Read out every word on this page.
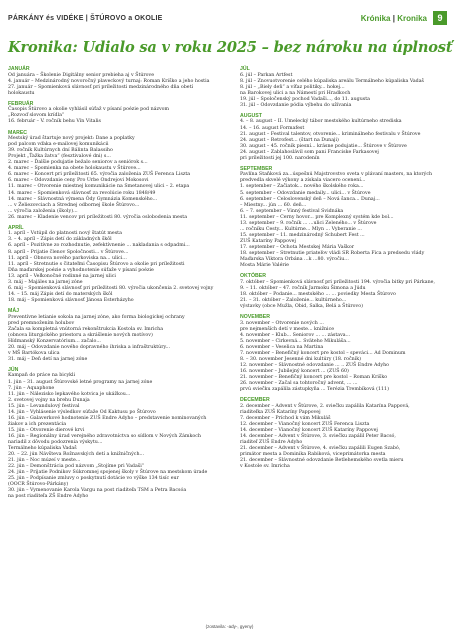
PÁRKÁNY és VIDÉKE | ŠTÚROVO a OKOLIE	Krónika | Kronika	9
Kronika: Udialo sa v roku 2025 – bez nároku na úplnosť
JANUÁR
Od januára – Školenie Digitálny senior prebieha aj v Štúrove
4. január – Medzinárodný novoročný plaveckový turnaj: Roman Kriško a jeho hostia
27. január – Spomienková slávnosť pri príležitosti medzinárodného dňa obetí holokaustu
FEBRUÁR
Časopis Štúrovo a okolie vyhlásil súťaž v písaní poézie pod názvom
„Rozvoď slovom krídla“
16. február – V. ročník behu Vín Vitalis
MAREC
Mestský úrad štartuje nový projekt: Dane a poplatky
pod palcom vďaka e-mailovej komunikácii
39. ročník Kultúrnych dní Bálinta Balassiho
Projekt „Ťažka žatva“ (fesztivalové dni) s...
2. marec – Ďalšie podujatie bežalo seniorov a seniórok s...
4. marec – Spomienka na obete holokaustu v Štúrove...
6. marec – Koncert pri príležitosti 65. výročia založenia ZUŠ Ferenca Liszta
6. marec – Odovzdanie ceny Pro Urbe Ondrejovi Mokosovi
11. marec – Otvorenie miestnej komunikácie na Smetanovej ulici – 2. etapa
14. marec – Spomienková slávnosť za revolúcie roku 1848/49
14. marec – Slávnostná výmena Ódy Gymnázia Komenského...
... v Želiezovciach a Strednej odbornej škole Štúrovo...
... výročia založenia (školy)...
26. marec – Kladenie vencov pri príležitosti 80. výročia oslobodenia mesta
APRÍL
1. apríl – Vstúpil do platnosti nový štatút mesta
3. – 4. apríl – Zápis detí do základných škôl
6. apríl – Pozitívne zo rozhodnutie, zefektívnenie ... nakladania s odpadmi...
8. apríl – Prijatie členov Spoločnosti... v Štúrove...
11. apríl – Obnova nového parkoviska na... ulici...
11. apríl – Stretnutie s čitateľmi Časopisu Štúrovo a okolie pri príležitosti
Dňa maďarskej poézie a vyhodnotenie súťaže v písaní poézie
13. apríl – Veľkonočné rodinné na jarnej ulici
3. máj – Majáles na jarnej zóne
6. máj – Spomienková slávnosť pri príležitosti 80. výročia ukončenia 2. svetovej vojny
14. – 15. máj Zápis detí do materských škôl
18. máj – Spomienková slávnosť Jánosa Esterházyho
MÁJ
Preventívne letianie sokola na jarnej zóne, ako forma biologickej ochrany
pred premnožením holubov
Začala sa kompletná vnútorná rekonštrukcia Kostola sv. Imricha
(obnova liturgického priestoru a skrášlenie nových motívov)
Hídmanský Konzervatórium... začalo...
20. máj – Odovzdanie nového dopravného ihriska a infraštruktúry...
v MŠ Bartókova ulica
31. máj – Deň detí na jarnej zóne
JÚN
Kampaň do práce na bicykli
1. jún – 31. august Štúrovské letné programy na jarnej zóne
7. jún – Aquaphone
11. jún – Nálezisko lepkavého kotvica je ukážkou...
2. svetovej vojny na brehu Dunaja
15. jún – Levandulový festival
14. jún – Vyhlásenie výsledkov súťaže Od Kaktusu po Štúrovo
16. jún – Galaverkové hodnotenie ZUŠ Endre Adyho – predstavenie nominovaných
žiakov a ich prezentácia
15. jún – Otvorenie dierové krvi
16. jún – Regionálny úrad verejného zdravotníctva so sídlom v Nových Zámkoch
nariadil z dôvodu podozrenia výskytu...
Termálneho kúpaliska Vadaš
20. – 22. jún Návšteva Rožnavských detí a knižničných...
21. jún – Noc múzeí v meste...
22. jún – Demonštrácia pod názvom „Stojíme pri Vadaši“
24. jún – Prijatie Podnikov Súkromnej spojenej školy v Štúrove na mestskom úrade
25. jún – Podpísanie zmluvy o poskytnutí dotácie vo výške 134 tisíc eur
(OOCR Štúrovo-Párkány)
30. jún – Vymenovanie Karola Vargu na post riaditeľa TSM a Petra Bacsóa
na post riaditeľa ZŠ Endre Adyho
JÚL
6. júl – Parkan Artfest
8. júl – Znovuotvorenie celého kúpaliska areálu Termálneho kúpaliska Vadaš
8. júl – „Biely deň“ a víťaz politiky... hokej...
na Barokovej ulici a na Námestí pri Hradkoch
19. júl – Spoločenský pochod Vadaši..., do 11. augusta
31. júl – Odovzdanie pódia výbehu do užívania
AUGUST
4. – 8. august – II. Umelecký tábor mestského kultúrneho strediska
14. – 16. august Formafest
21. august – Festival talentov, otvorenie... kriminálneho festivalu v Štúrove
24. august – Retrofest... (štart na Dunaji)
30. august – 45. ročník piesní... krásne podujatie... Štúrove v Štúrove
24. august – Zablahoslávil som pani Franciske Farkasovej
pri príležitosti jej 100. narodenín
SEPTEMBER
Pavlína Staňková za...úspešnú Majstrovstvo sveta v plávaní masters, na ktorých
predvedla skvelé výkony a získala viacero ocenení...
1. september – Začiatok... nového školského roka...
5. september – Odovzdanie medaily... ulici... v Štúrove
6. september – Celoslovenský deň – Nová šanca... Dunaj...
– Miestny... jún ... 60. deň...
6. – 7. september – Vinný festival Svidnáka
11. september – Cerny hovor... pre Komplexný systém kde bol...
13. september – 9. ročník ... ...ulici Zeleného... v Štúrove
... ročníku Cesty... Kultúrne... Mlyn ... Vyberanie ...
15. september – 11. medzinárodný Schubert Fest ...
ZUŠ Kataríny Pappovej
17. september – Ochota Mestskej Mária Vaškor
18. september – Stretnutie priateľov vládi SR Roberta Fica a predsedu vlády
Maďarska Viktora Orbána ...k ...80. výročiu...
Mosta Márie Valérie
OKTÓBER
7. október – Spomienková slávnosť pri príležitosti 194. výročia bitky pri Párkane,
9. – 11. október – 47. ročník Jarmoku Šimona a Júdu
18. október – Podanie... mestského ... ... poviedky Mesta Štúrovo
21. – 31. október – Založenie... kultúrneho...
výstavky (obce Mužla, Obid, Salka, Belá a Štúrovo)
NOVEMBER
3. november – Otvorenie nových ...
pre nejmenších detí v meste... knižnice
4. november – Klub... Seniorov ... ... zástava...
5. november – Cirkevná... Sväteho Mikuláša...
6. november – Veselica na Martina
7. november – Benefičný koncert pre kostol – speváci... Ad Dominum
8. – 30. november Jesenné dni kultúry (18. ročník)
12. november – Slávnostné odovzdanie ... .. ZUŠ Endre Adyho
16. november – Jubilejný koncert ... (ZUŠ 60)
21. november – Benefičný koncert pre kostol – Roman Kriško
26. november – Začal sa tohtoročný advent, ... ...
prvú sviečku zapálila zástupkyňa ... Terézia Trembíková (111)
DECEMBER
2. december – Advent v Štúrove, 2. sviečku zapálila Katarína Pappová,
riaditeľka ZUŠ Kataríny Pappovej
7. december – Príchod k vám Mikuláš
12. december – Vianočný koncert ZUŠ Ferenca Liszta
14. december – Vianočný koncert ZUŠ Kataríny Pappovej
14. december – Advent v Štúrove, 3. sviečku zapálil Peter Bacsó,
riaditeľ ZUŠ Endre Adyho
21. december – Advent v Štúrove, 4. sviečku zapálili Eugen Szabó,
primátor mesta a Dominika Rabiková, viceprimátorka mesta
21. december – Slávnostné odovzdanie Betlehemského svetla mieru
v Kostole sv. Imricha
(zostavila: -ady-, gyeny)
